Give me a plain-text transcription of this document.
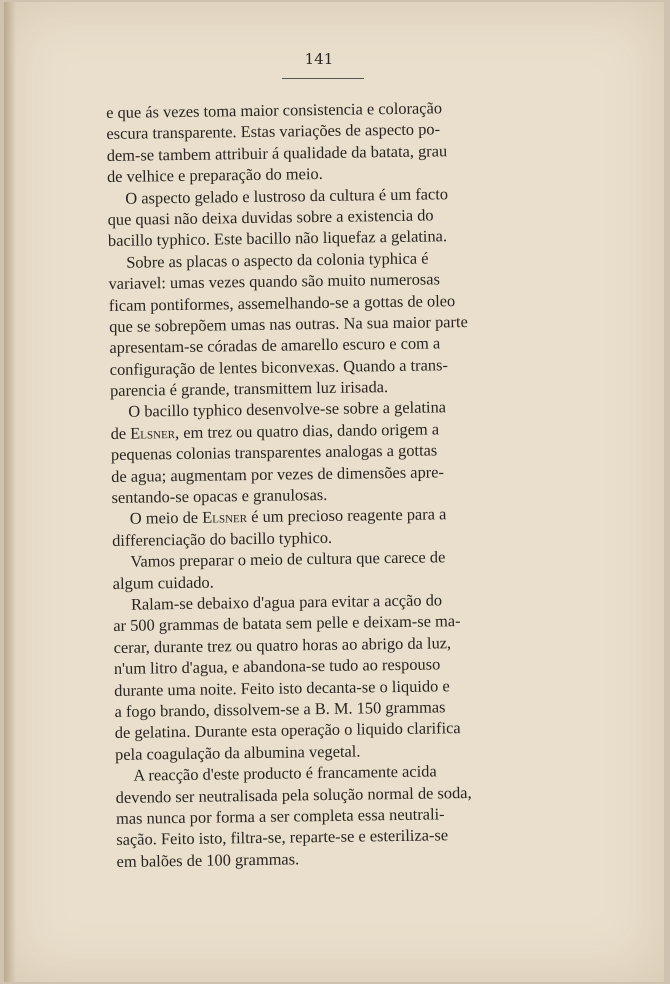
141
e que ás vezes toma maior consistencia e coloração
escura transparente. Estas variações de aspecto po-
dem-se tambem attribuir á qualidade da batata, grau
de velhice e preparação do meio.
O aspecto gelado e lustroso da cultura é um facto
que quasi não deixa duvidas sobre a existencia do
bacillo typhico. Este bacillo não liquefaz a gelatina.
Sobre as placas o aspecto da colonia typhica é
variavel: umas vezes quando são muito numerosas
ficam pontiformes, assemelhando-se a gottas de oleo
que se sobrepõem umas nas outras. Na sua maior parte
apresentam-se córadas de amarello escuro e com a
configuração de lentes biconvexas. Quando a trans-
parencia é grande, transmittem luz irisada.
O bacillo typhico desenvolve-se sobre a gelatina
de Elsner, em trez ou quatro dias, dando origem a
pequenas colonias transparentes analogas a gottas
de agua; augmentam por vezes de dimensões apre-
sentando-se opacas e granulosas.
O meio de Elsner é um precioso reagente para a
differenciação do bacillo typhico.
Vamos preparar o meio de cultura que carece de
algum cuidado.
Ralam-se debaixo d'agua para evitar a acção do
ar 500 grammas de batata sem pelle e deixam-se ma-
cerar, durante trez ou quatro horas ao abrigo da luz,
n'um litro d'agua, e abandona-se tudo ao respouso
durante uma noite. Feito isto decanta-se o liquido e
a fogo brando, dissolvem-se a B. M. 150 grammas
de gelatina. Durante esta operação o liquido clarifica
pela coagulação da albumina vegetal.
A reacção d'este producto é francamente acida
devendo ser neutralisada pela solução normal de soda,
mas nunca por forma a ser completa essa neutrali-
sação. Feito isto, filtra-se, reparte-se e esteriliza-se
em balões de 100 grammas.
